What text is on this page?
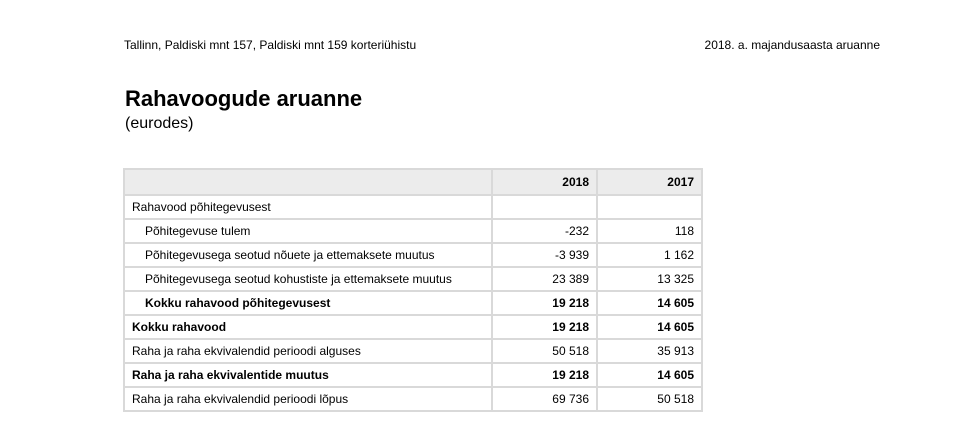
Tallinn, Paldiski mnt 157, Paldiski mnt 159 korteriühistu	2018. a. majandusaasta aruanne
Rahavoogude aruanne
(eurodes)
	2018	2017
Rahavood põhitegevusest		
Põhitegevuse tulem	-232	118
Põhitegevusega seotud nõuete ja ettemaksete muutus	-3 939	1 162
Põhitegevusega seotud kohustiste ja ettemaksete muutus	23 389	13 325
Kokku rahavood põhitegevusest	19 218	14 605
Kokku rahavood	19 218	14 605
Raha ja raha ekvivalendid perioodi alguses	50 518	35 913
Raha ja raha ekvivalentide muutus	19 218	14 605
Raha ja raha ekvivalendid perioodi lõpus	69 736	50 518
